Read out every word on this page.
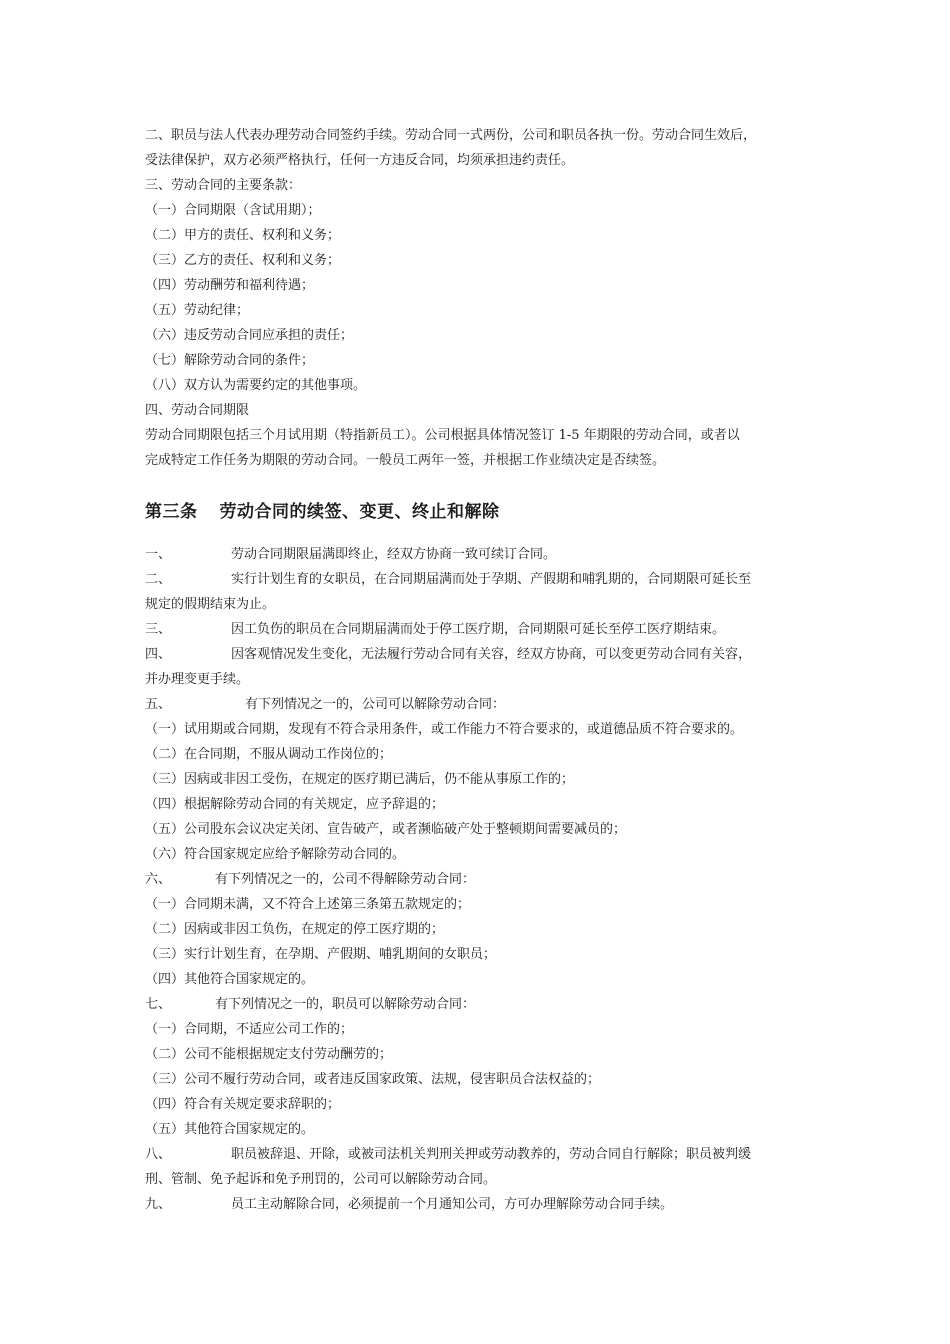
二、职员与法人代表办理劳动合同签约手续。劳动合同一式两份，公司和职员各执一份。劳动合同生效后，
受法律保护，双方必须严格执行，任何一方违反合同，均须承担违约责任。
三、劳动合同的主要条款：
（一）合同期限（含试用期）；
（二）甲方的责任、权利和义务；
（三）乙方的责任、权利和义务；
（四）劳动酬劳和福利待遇；
（五）劳动纪律；
（六）违反劳动合同应承担的责任；
（七）解除劳动合同的条件；
（八）双方认为需要约定的其他事项。
四、劳动合同期限
劳动合同期限包括三个月试用期（特指新员工）。公司根据具体情况签订 1-5 年期限的劳动合同，或者以
完成特定工作任务为期限的劳动合同。一般员工两年一签，并根据工作业绩决定是否续签。
第三条 劳动合同的续签、变更、终止和解除
一、	劳动合同期限届满即终止，经双方协商一致可续订合同。
二、	实行计划生育的女职员，在合同期届满而处于孕期、产假期和哺乳期的，合同期限可延长至
规定的假期结束为止。
三、	因工负伤的职员在合同期届满而处于停工医疗期，合同期限可延长至停工医疗期结束。
四、	因客观情况发生变化，无法履行劳动合同有关容，经双方协商，可以变更劳动合同有关容，
并办理变更手续。
五、	有下列情况之一的，公司可以解除劳动合同：
（一）试用期或合同期，发现有不符合录用条件，或工作能力不符合要求的，或道德品质不符合要求的。
（二）在合同期，不服从调动工作岗位的；
（三）因病或非因工受伤，在规定的医疗期已满后，仍不能从事原工作的；
（四）根据解除劳动合同的有关规定，应予辞退的；
（五）公司股东会议决定关闭、宣告破产，或者濒临破产处于整顿期间需要减员的；
（六）符合国家规定应给予解除劳动合同的。
六、	有下列情况之一的，公司不得解除劳动合同：
（一）合同期未满，又不符合上述第三条第五款规定的；
（二）因病或非因工负伤，在规定的停工医疗期的；
（三）实行计划生育，在孕期、产假期、哺乳期间的女职员；
（四）其他符合国家规定的。
七、	有下列情况之一的，职员可以解除劳动合同：
（一）合同期，不适应公司工作的；
（二）公司不能根据规定支付劳动酬劳的；
（三）公司不履行劳动合同，或者违反国家政策、法规，侵害职员合法权益的；
（四）符合有关规定要求辞职的；
（五）其他符合国家规定的。
八、	职员被辞退、开除，或被司法机关判刑关押或劳动教养的，劳动合同自行解除；职员被判缓
刑、管制、免予起诉和免予刑罚的，公司可以解除劳动合同。
九、	员工主动解除合同，必须提前一个月通知公司，方可办理解除劳动合同手续。
